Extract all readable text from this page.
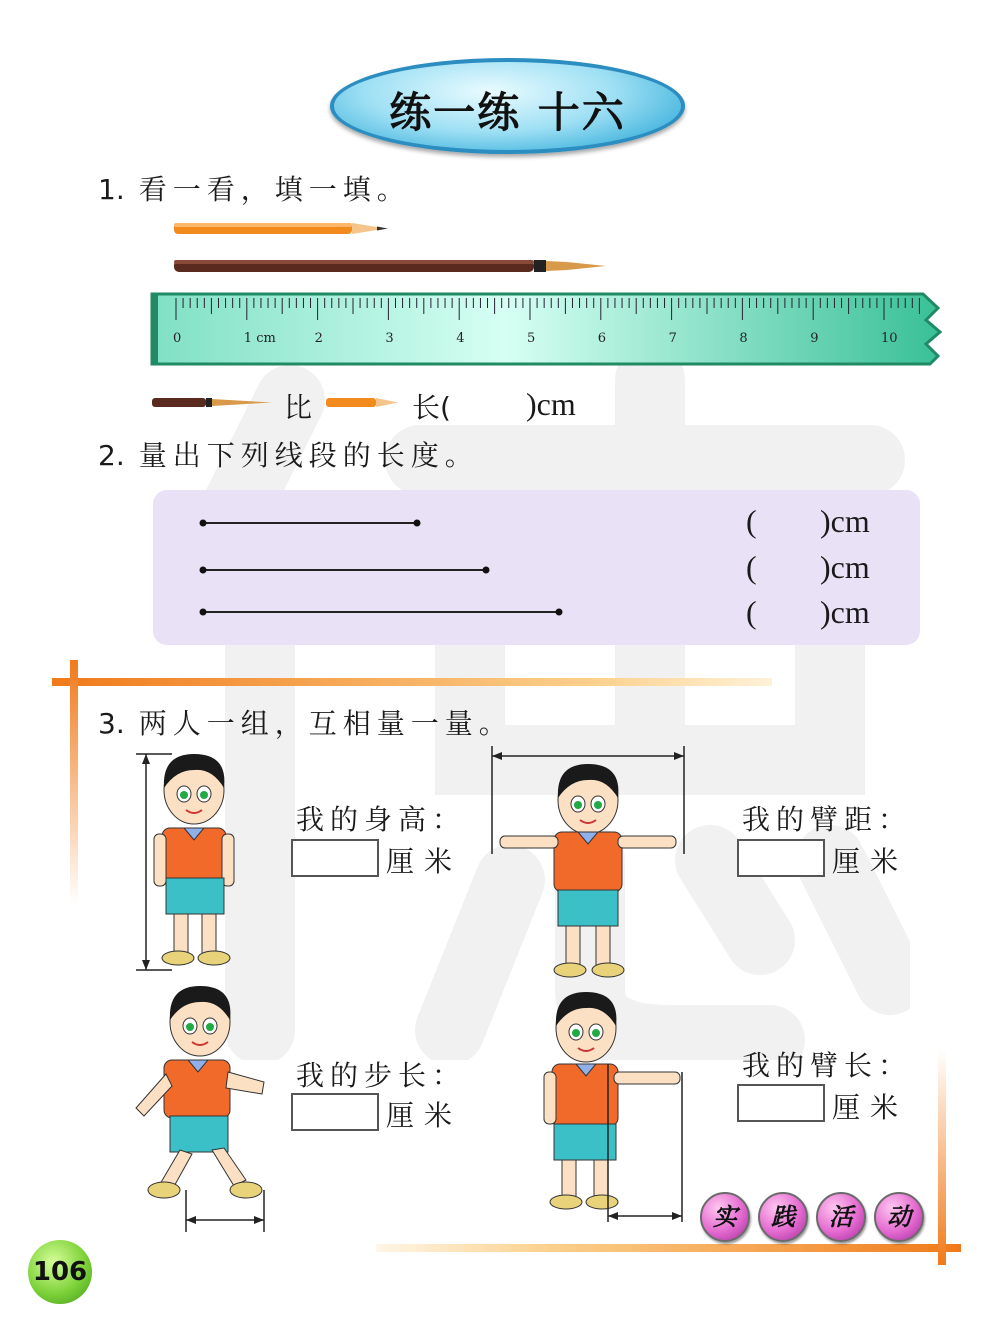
练一练 十六
1. 看一看，填一填。
0	1 cm	2	3	4	5	6	7	8	9	10
比	长( )cm
2. 量出下列线段的长度。
( )cm
( )cm
( )cm
3. 两人一组，互相量一量。
我的身高：
厘米
我的臂距：
厘米
我的步长：
厘米
我的臂长：
厘米
实	践	活	动
106
